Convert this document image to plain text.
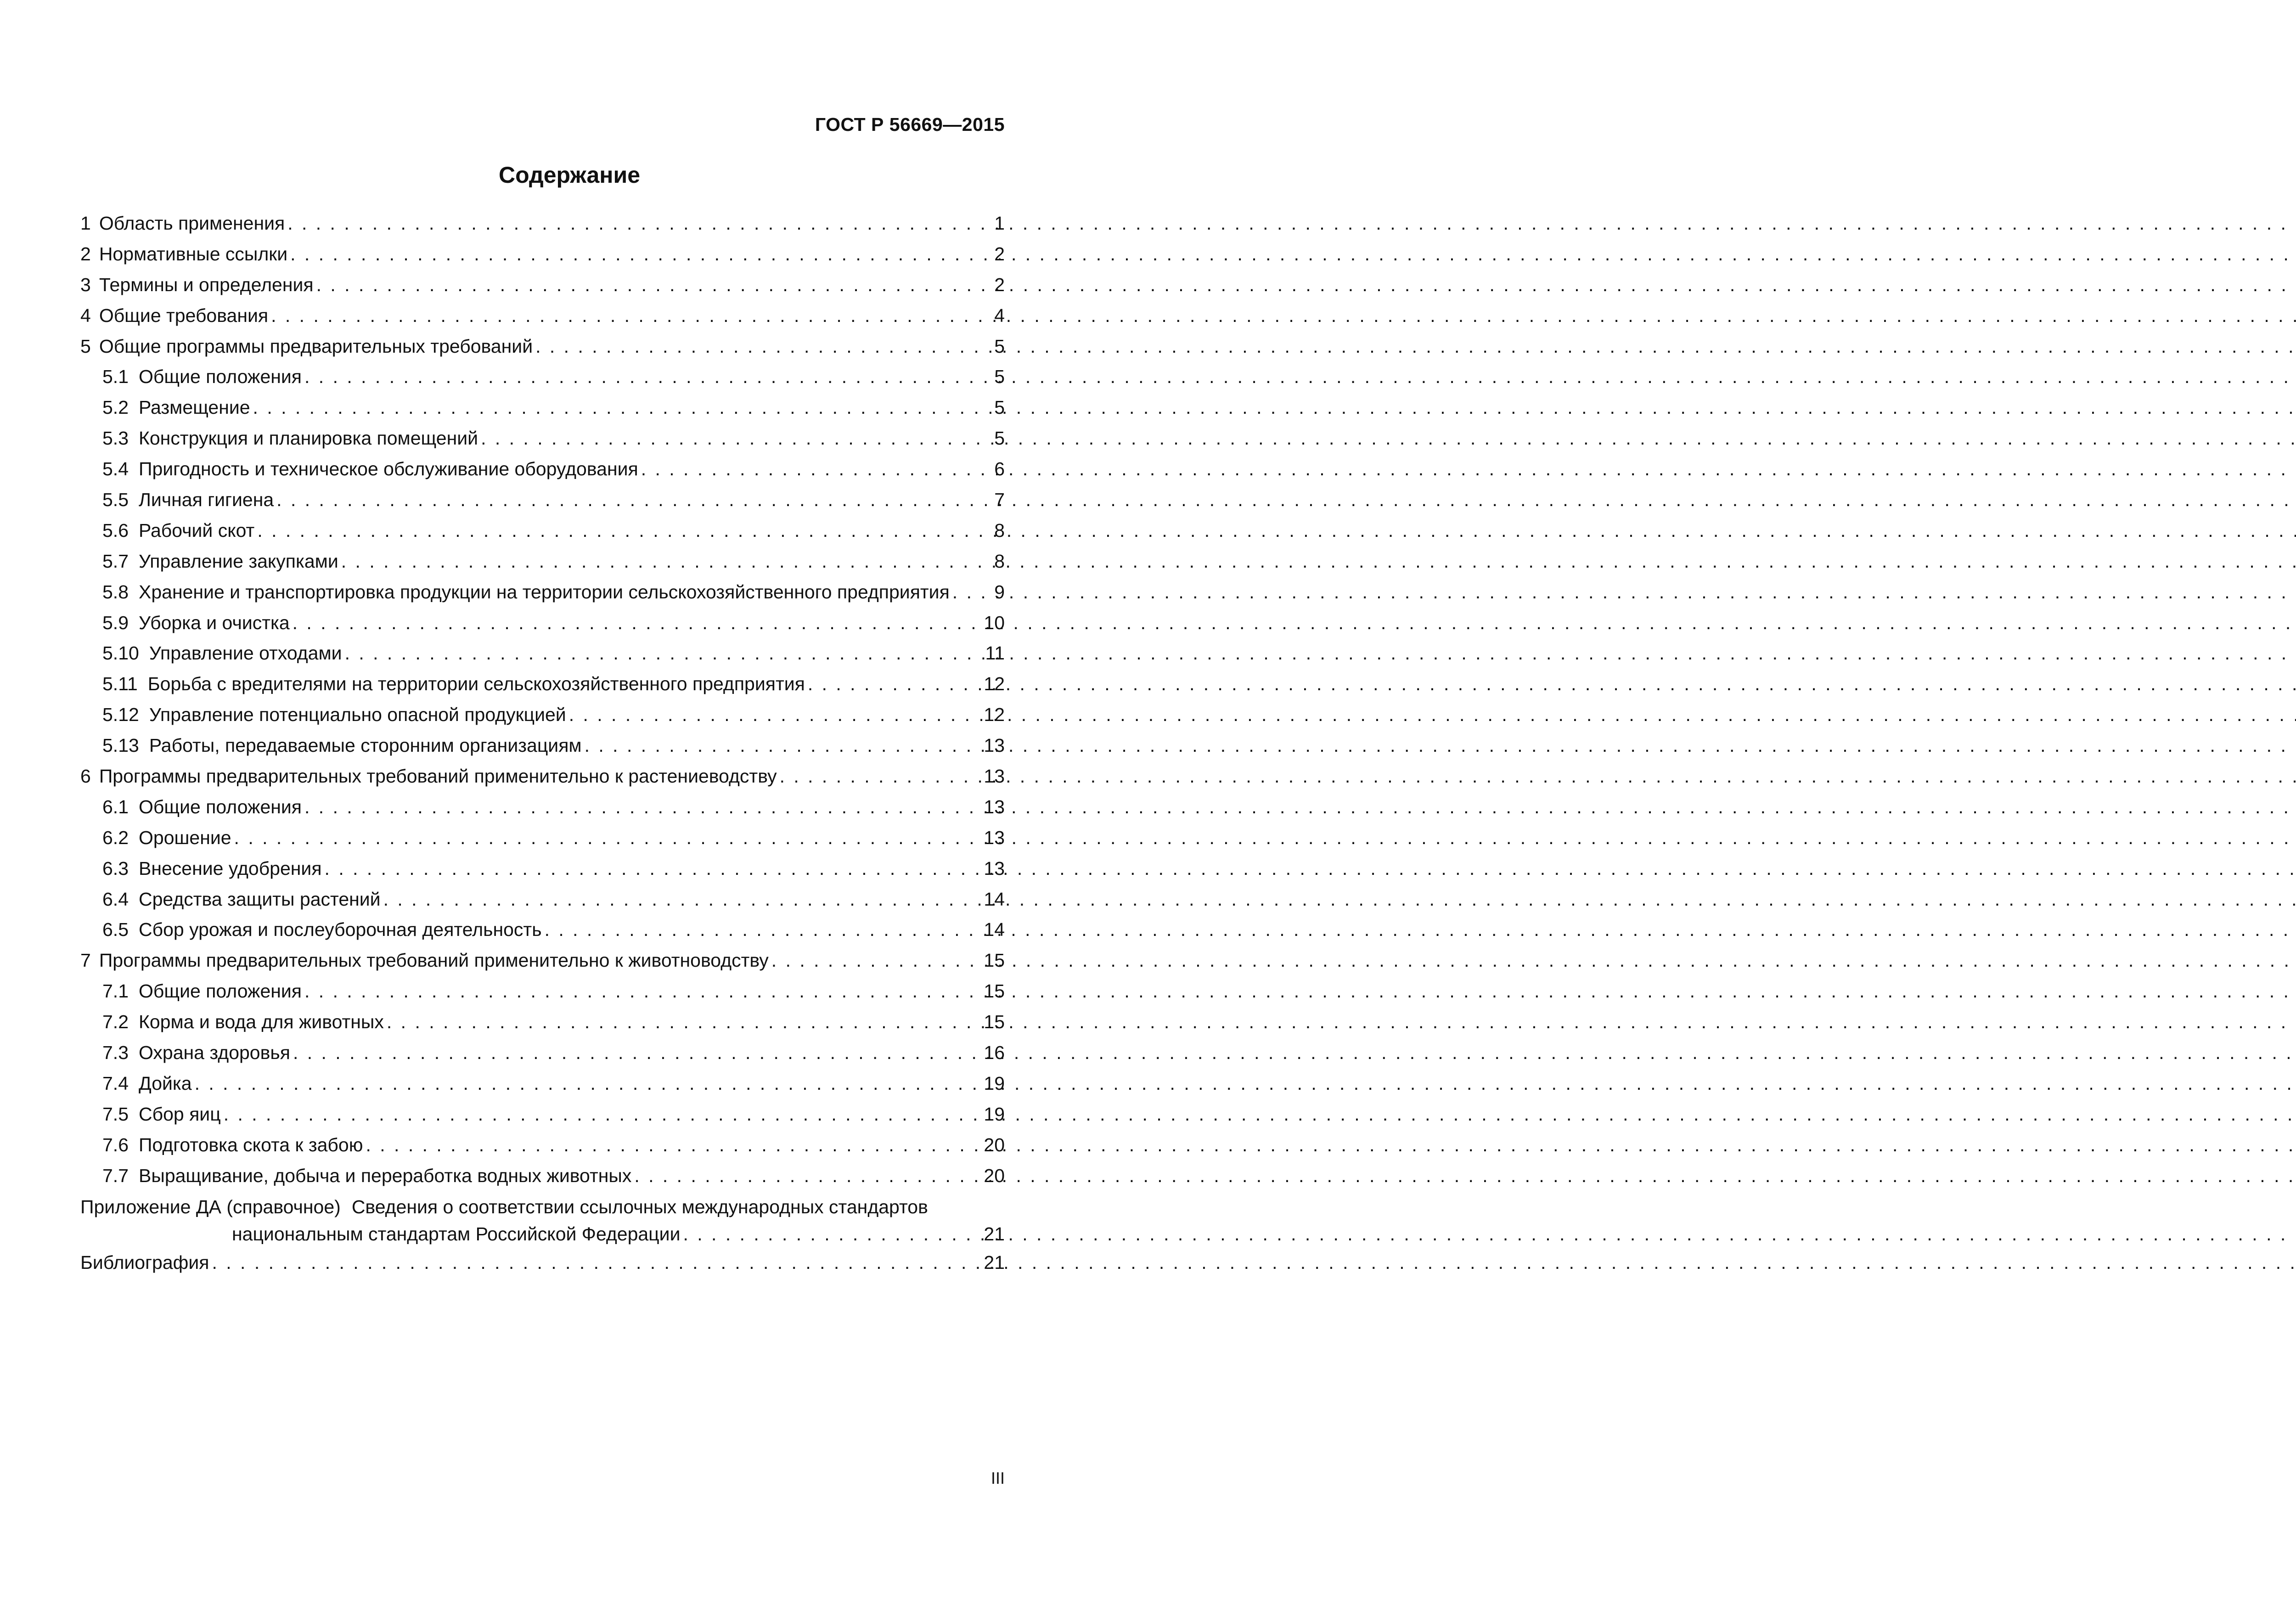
ГОСТ Р 56669—2015
Содержание
1 Область применения . . .	1
2 Нормативные ссылки . . .	2
3 Термины и определения . . .	2
4 Общие требования . . .	4
5 Общие программы предварительных требований . . .	5
5.1 Общие положения . . .	5
5.2 Размещение . . .	5
5.3 Конструкция и планировка помещений . . .	5
5.4 Пригодность и техническое обслуживание оборудования . . .	6
5.5 Личная гигиена . . .	7
5.6 Рабочий скот . . .	8
5.7 Управление закупками . . .	8
5.8 Хранение и транспортировка продукции на территории сельскохозяйственного предприятия . . . 9
5.9 Уборка и очистка . . .	10
5.10 Управление отходами . . .	11
5.11 Борьба с вредителями на территории сельскохозяйственного предприятия . . .	12
5.12 Управление потенциально опасной продукцией . . .	12
5.13 Работы, передаваемые сторонним организациям . . .	13
6 Программы предварительных требований применительно к растениеводству . . .	13
6.1 Общие положения . . .	13
6.2 Орошение . . .	13
6.3 Внесение удобрения . . .	13
6.4 Средства защиты растений . . .	14
6.5 Сбор урожая и послеуборочная деятельность . . .	14
7 Программы предварительных требований применительно к животноводству . . .	15
7.1 Общие положения . . .	15
7.2 Корма и вода для животных . . .	15
7.3 Охрана здоровья . . .	16
7.4 Дойка . . .	19
7.5 Сбор яиц . . .	19
7.6 Подготовка скота к забою . . .	20
7.7 Выращивание, добыча и переработка водных животных . . .	20
Приложение ДА (справочное) Сведения о соответствии ссылочных международных стандартов
национальным стандартам Российской Федерации . . .	21
Библиография . . .	21
III
